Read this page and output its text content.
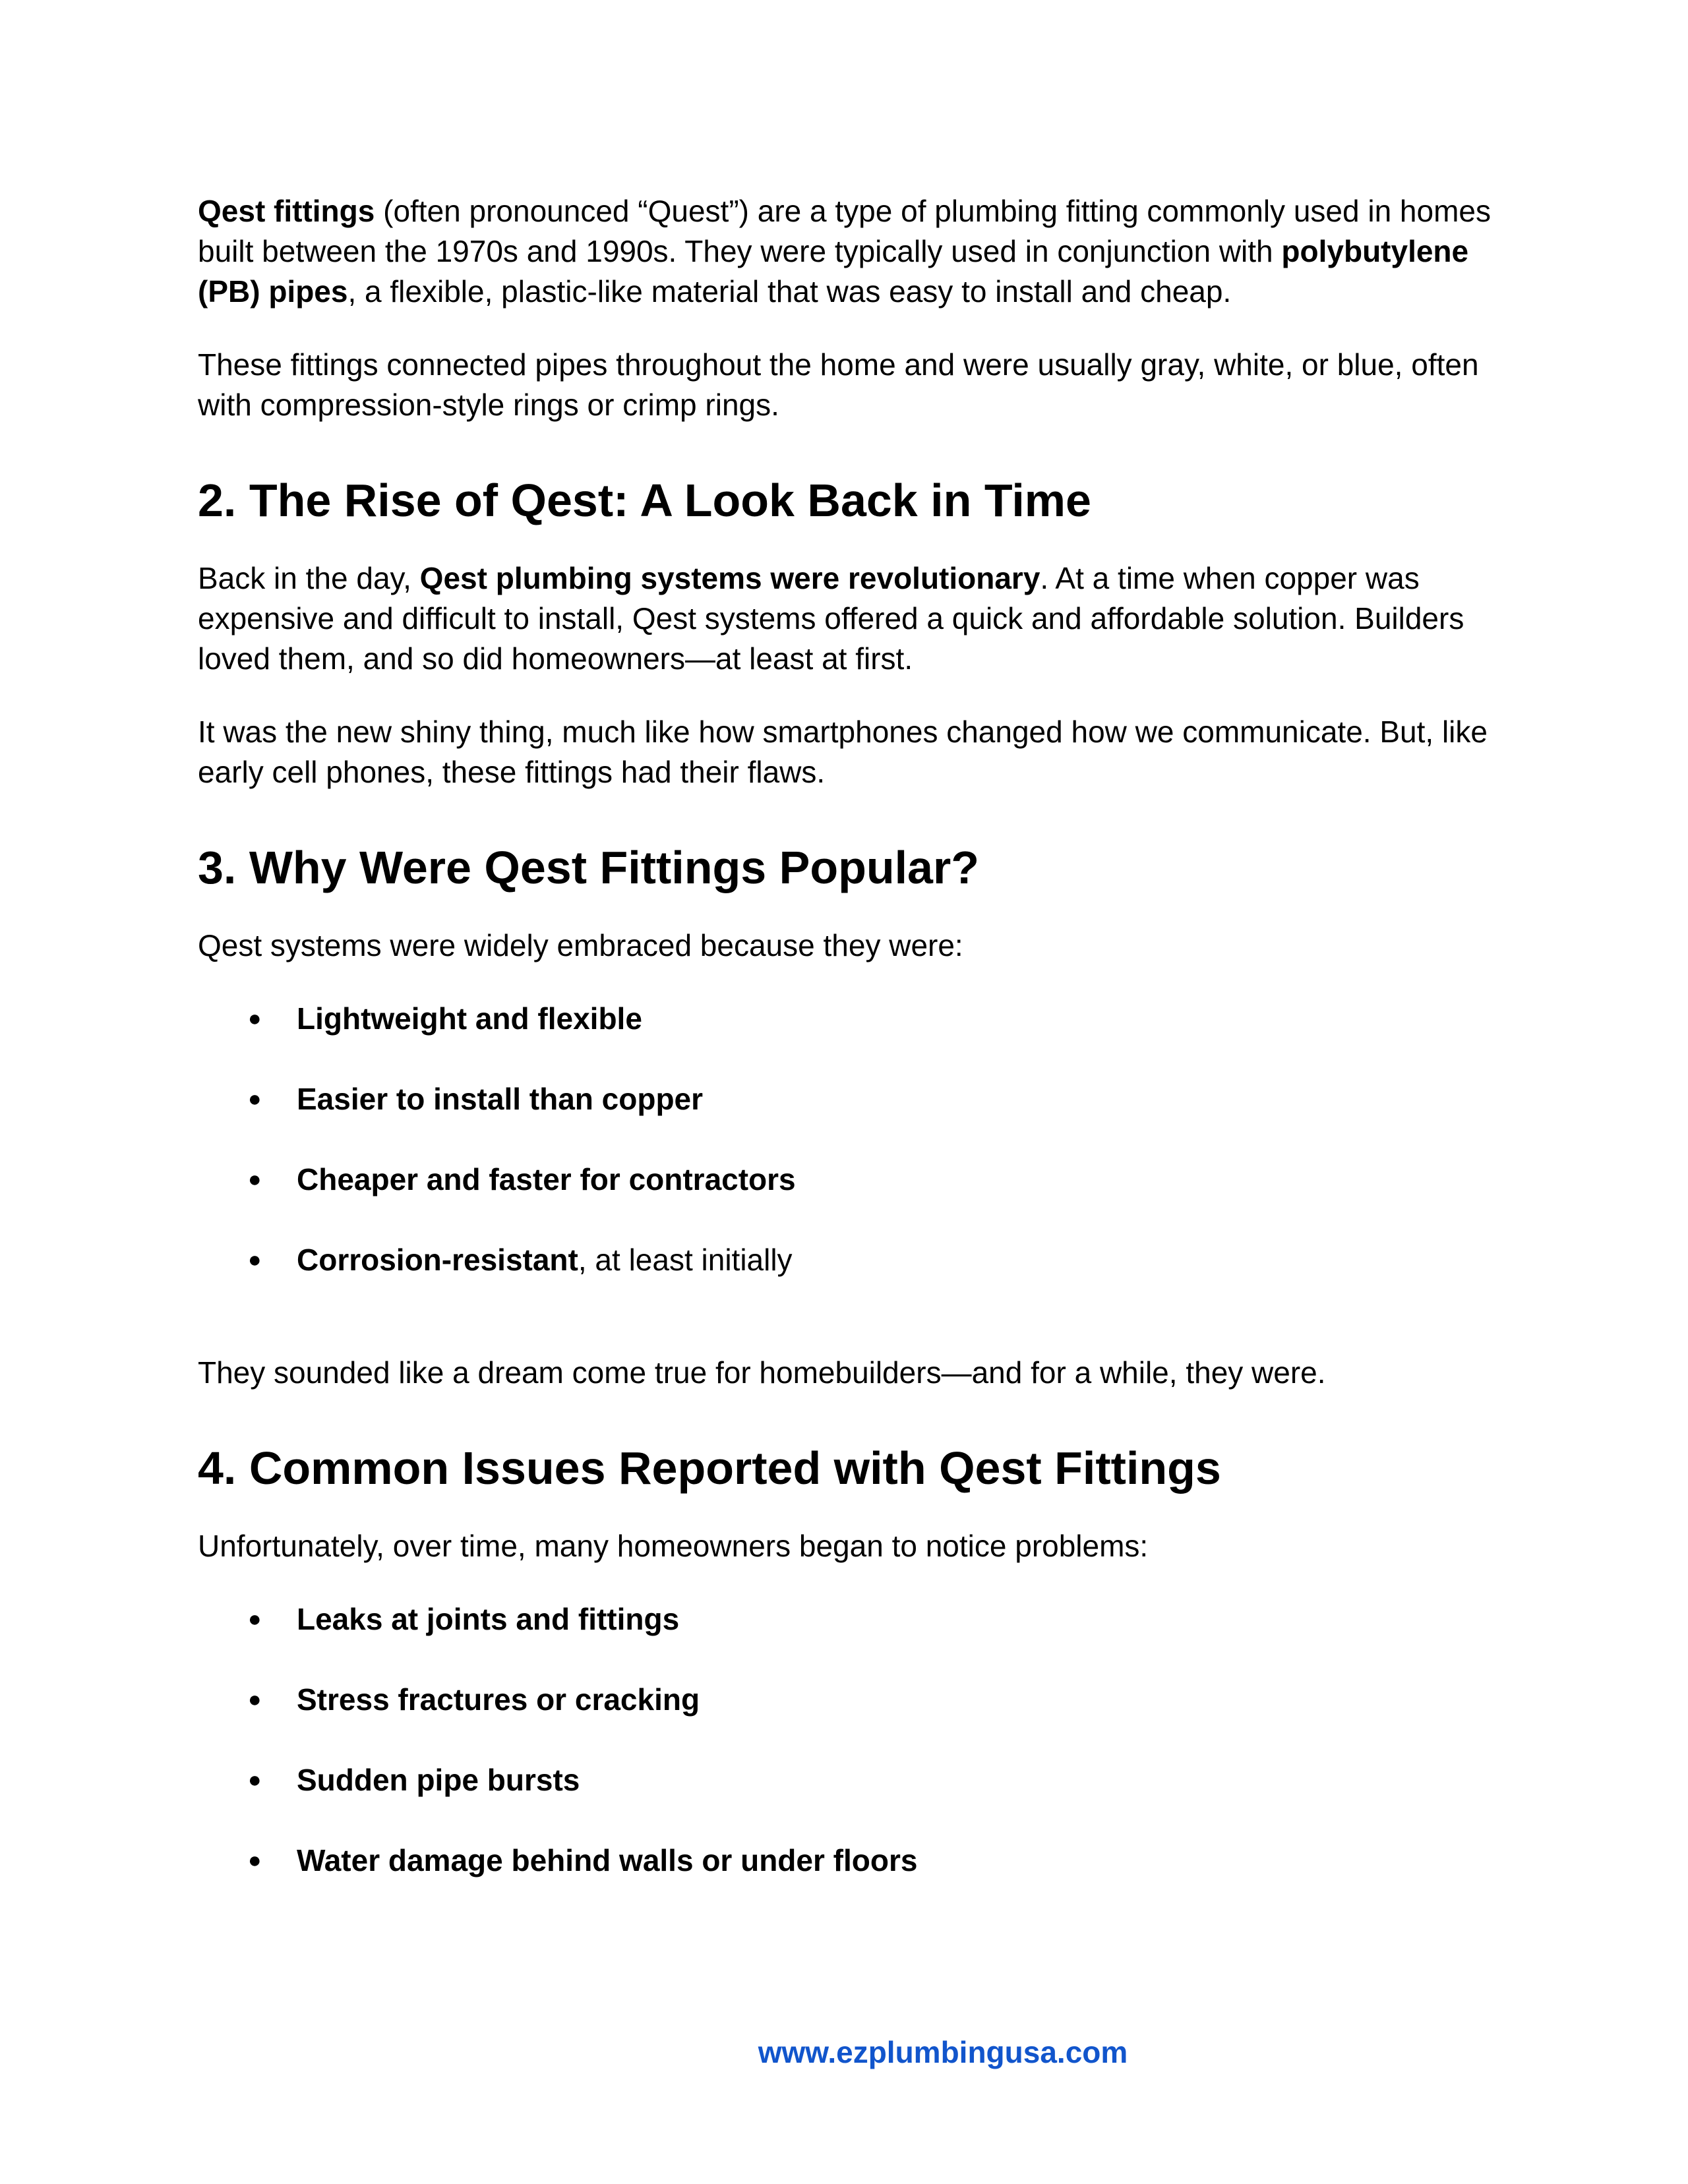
Qest fittings (often pronounced “Quest”) are a type of plumbing fitting commonly used in homes built between the 1970s and 1990s. They were typically used in conjunction with polybutylene (PB) pipes, a flexible, plastic-like material that was easy to install and cheap.

These fittings connected pipes throughout the home and were usually gray, white, or blue, often with compression-style rings or crimp rings.

2. The Rise of Qest: A Look Back in Time

Back in the day, Qest plumbing systems were revolutionary. At a time when copper was expensive and difficult to install, Qest systems offered a quick and affordable solution. Builders loved them, and so did homeowners—at least at first.

It was the new shiny thing, much like how smartphones changed how we communicate. But, like early cell phones, these fittings had their flaws.

3. Why Were Qest Fittings Popular?

Qest systems were widely embraced because they were:

● Lightweight and flexible
● Easier to install than copper
● Cheaper and faster for contractors
● Corrosion-resistant, at least initially

They sounded like a dream come true for homebuilders—and for a while, they were.

4. Common Issues Reported with Qest Fittings

Unfortunately, over time, many homeowners began to notice problems:

● Leaks at joints and fittings
● Stress fractures or cracking
● Sudden pipe bursts
● Water damage behind walls or under floors
www.ezplumbingusa.com
